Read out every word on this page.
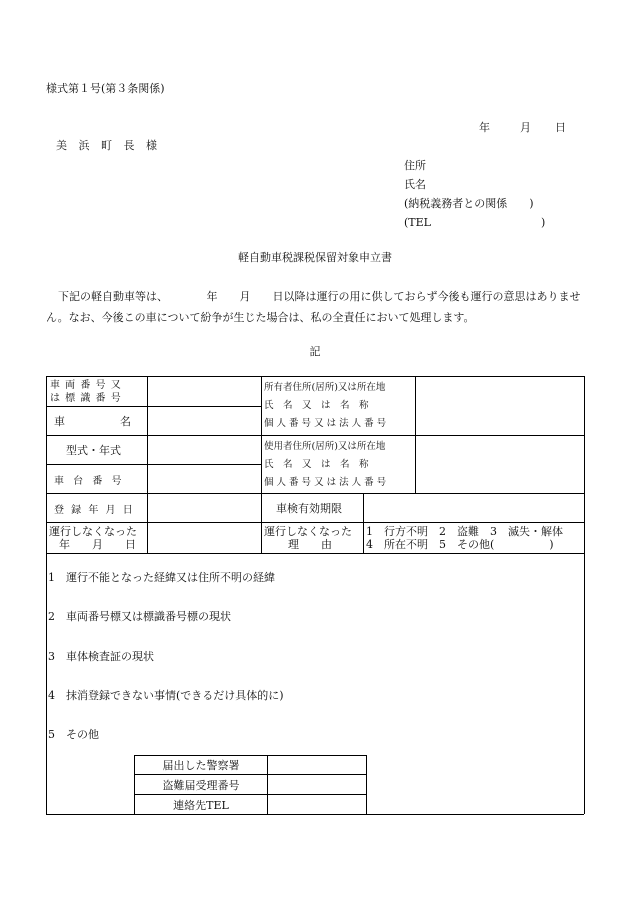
様式第１号(第３条関係)
年	月 日
美 浜 町 長 様
住所
氏名
(納税義務者との関係　　)
(TEL　　　　　　　　　　)
軽自動車税課税保留対象申立書
下記の軽自動車等は、　　　　年　　月　　日以降は運行の用に供しておらず今後も運行の意思はありません。なお、今後この車について紛争が生じた場合は、私の全責任において処理します。
記
車 両 番 号 又
は 標 識 番 号
車　　　　　名
型式・年式
車 台 番 号
登 録 年 月 日
運行しなくなった
年　　月　　日
所有者住所(居所)又は所在地
氏　名　又　は　名　称
個 人 番 号 又 は 法 人 番 号
使用者住所(居所)又は所在地
氏　名　又　は　名　称
個 人 番 号 又 は 法 人 番 号
車検有効期限
運行しなくなった
理　　由
1　行方不明　2　盗難　3　滅失・解体
4　所在不明　5　その他(　　　　　)
1　運行不能となった経緯又は住所不明の経緯
2　車両番号標又は標識番号標の現状
3　車体検査証の現状
4　抹消登録できない事情(できるだけ具体的に)
5　その他
届出した警察署
盗難届受理番号
連絡先TEL
